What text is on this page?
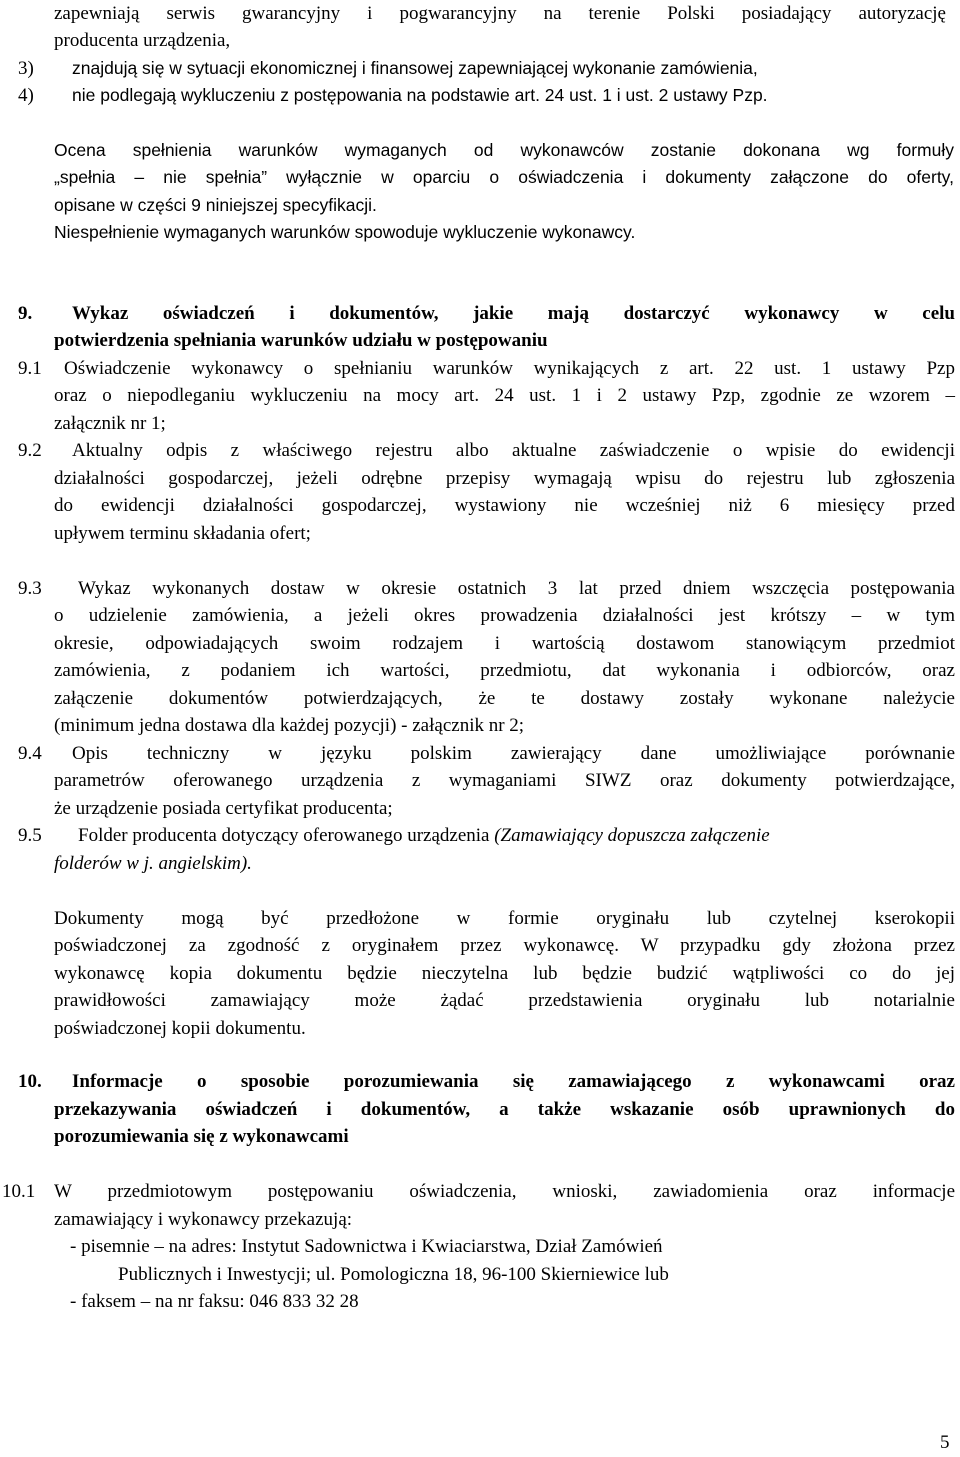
zapewniają serwis gwarancyjny i pogwarancyjny na terenie Polski posiadający autoryzację
producenta urządzenia,
3)	znajdują się w sytuacji ekonomicznej i finansowej zapewniającej wykonanie zamówienia,
4)	nie podlegają wykluczeniu z postępowania na podstawie art. 24 ust. 1 i ust. 2 ustawy Pzp.
Ocena spełnienia warunków wymaganych od wykonawców zostanie dokonana wg formuły
„spełnia – nie spełnia” wyłącznie w oparciu o oświadczenia i dokumenty załączone do oferty,
opisane w części 9 niniejszej specyfikacji.
Niespełnienie wymaganych warunków spowoduje wykluczenie wykonawcy.
9. Wykaz oświadczeń i dokumentów, jakie mają dostarczyć wykonawcy w celu
potwierdzenia spełniania warunków udziału w postępowaniu
9.1	Oświadczenie wykonawcy o spełnianiu warunków wynikających z art. 22 ust. 1 ustawy Pzp
oraz o niepodleganiu wykluczeniu na mocy art. 24 ust. 1 i 2 ustawy Pzp, zgodnie ze wzorem –
załącznik nr 1;
9.2 Aktualny odpis z właściwego rejestru albo aktualne zaświadczenie o wpisie do ewidencji
działalności gospodarczej, jeżeli odrębne przepisy wymagają wpisu do rejestru lub zgłoszenia
do ewidencji działalności gospodarczej, wystawiony nie wcześniej niż 6 miesięcy przed
upływem terminu składania ofert;
9.3 Wykaz wykonanych dostaw w okresie ostatnich 3 lat przed dniem wszczęcia postępowania
o udzielenie zamówienia, a jeżeli okres prowadzenia działalności jest krótszy – w tym
okresie, odpowiadających swoim rodzajem i wartością dostawom stanowiącym przedmiot
zamówienia, z podaniem ich wartości, przedmiotu, dat wykonania i odbiorców, oraz
załączenie dokumentów potwierdzających, że te dostawy zostały wykonane należycie
(minimum jedna dostawa dla każdej pozycji) - załącznik nr 2;
9.4 Opis techniczny w języku polskim zawierający dane umożliwiające porównanie
parametrów oferowanego urządzenia z wymaganiami SIWZ oraz dokumenty potwierdzające,
że urządzenie posiada certyfikat producenta;
9.5 Folder producenta dotyczący oferowanego urządzenia (Zamawiający dopuszcza załączenie
folderów w j. angielskim).
Dokumenty mogą być przedłożone w formie oryginału lub czytelnej kserokopii
poświadczonej za zgodność z oryginałem przez wykonawcę. W przypadku gdy złożona przez
wykonawcę kopia dokumentu będzie nieczytelna lub będzie budzić wątpliwości co do jej
prawidłowości zamawiający może żądać przedstawienia oryginału lub notarialnie
poświadczonej kopii dokumentu.
10. Informacje o sposobie porozumiewania się zamawiającego z wykonawcami oraz
przekazywania oświadczeń i dokumentów, a także wskazanie osób uprawnionych do
porozumiewania się z wykonawcami
10.1 W przedmiotowym postępowaniu oświadczenia, wnioski, zawiadomienia oraz informacje
zamawiający i wykonawcy przekazują:
- pisemnie – na adres: Instytut Sadownictwa i Kwiaciarstwa, Dział Zamówień
Publicznych i Inwestycji; ul. Pomologiczna 18, 96-100 Skierniewice lub
- faksem – na nr faksu: 046 833 32 28
5
